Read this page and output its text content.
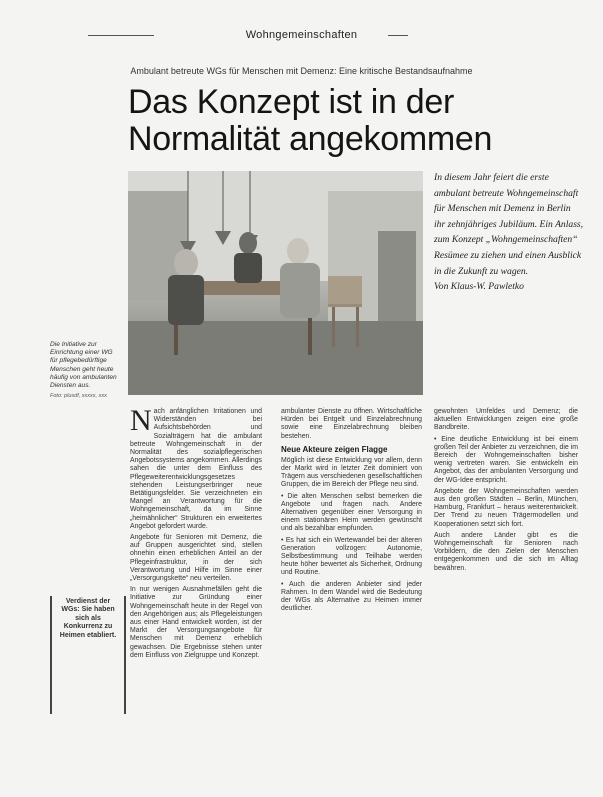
Wohngemeinschaften
Ambulant betreute WGs für Menschen mit Demenz: Eine kritische Bestandsaufnahme
Das Konzept ist in der
Normalität angekommen
In diesem Jahr feiert die erste ambulant betreute Wohngemeinschaft für Menschen mit Demenz in Berlin ihr zehnjähriges Jubiläum. Ein Anlass, zum Konzept „Wohngemeinschaften“ Resümee zu ziehen und einen Ausblick in die Zukunft zu wagen.
Von Klaus-W. Pawletko
Die Initiative zur Einrichtung einer WG für pflegebedürftige Menschen geht heute häufig von ambulanten Diensten aus.
Foto: plusdf, xxxxx, xxx
Verdienst der WGs: Sie haben sich als Konkurrenz zu Heimen etabliert.

Nach anfänglichen Irritationen und Widerständen bei Aufsichtsbehörden und Sozialträgern hat die ambulant betreute Wohngemeinschaft in der Normalität des sozialpflegerischen Angebotssystems angekommen. Allerdings sahen die unter dem Einfluss des Pflegeweiterentwicklungsgesetzes stehenden Leistungserbringer neue Betätigungsfelder. Sie verzeichneten ein Mangel an Verantwortung für die Wohngemeinschaft, da im Sinne „heimähnlicher“ Strukturen ein erweitertes Angebot gefordert wurde.

Angebote für Senioren mit Demenz, die auf Gruppen ausgerichtet sind, stellen ohnehin einen erheblichen Anteil an der Pflegeinfrastruktur, in der sich Verantwortung und Hilfe im Sinne einer „Versorgungskette“ neu verteilen.

In nur wenigen Ausnahmefällen geht die Initiative zur Gründung einer Wohngemeinschaft heute in der Regel von den Angehörigen aus; als Pflegeleistungen aus einer Hand entwickelt worden, ist der Markt der Versorgungsangebote für Menschen mit Demenz erheblich gewachsen. Die Ergebnisse stehen unter dem Einfluss von Zielgruppe und Konzept.

ambulanter Dienste zu öffnen. Wirtschaftliche Hürden bei Entgelt und Einzelabrechnung sowie eine Einzelabrechnung bleiben bestehen.

Neue Akteure zeigen Flagge

Möglich ist diese Entwicklung vor allem, denn der Markt wird in letzter Zeit dominiert von Trägern aus verschiedenen gesellschaftlichen Gruppen, die im Bereich der Pflege neu sind.

• Die alten Menschen selbst bemerken die Angebote und fragen nach. Andere Alternativen gegenüber einer Versorgung in einem stationären Heim werden gewünscht und als bezahlbar empfunden.

• Es hat sich ein Wertewandel bei der älteren Generation vollzogen: Autonomie, Selbstbestimmung und Teilhabe werden heute höher bewertet als Sicherheit, Ordnung und Routine.

• Auch die anderen Anbieter sind jeder Rahmen. In dem Wandel wird die Bedeutung der WGs als Alternative zu Heimen immer deutlicher.

gewohnten Umfeldes und Demenz; die aktuellen Entwicklungen zeigen eine große Bandbreite.

• Eine deutliche Entwicklung ist bei einem großen Teil der Anbieter zu verzeichnen, die im Bereich der Wohngemeinschaften bisher wenig vertreten waren. Sie entwickeln ein Angebot, das der ambulanten Versorgung und der WG-Idee entspricht.

Angebote der Wohngemeinschaften werden aus den großen Städten – Berlin, München, Hamburg, Frankfurt – heraus weiterentwickelt. Der Trend zu neuen Trägermodellen und Kooperationen setzt sich fort.

Auch andere Länder gibt es die Wohngemeinschaft für Senioren nach Vorbildern, die den Zielen der Menschen entgegenkommen und die sich im Alltag bewähren.
